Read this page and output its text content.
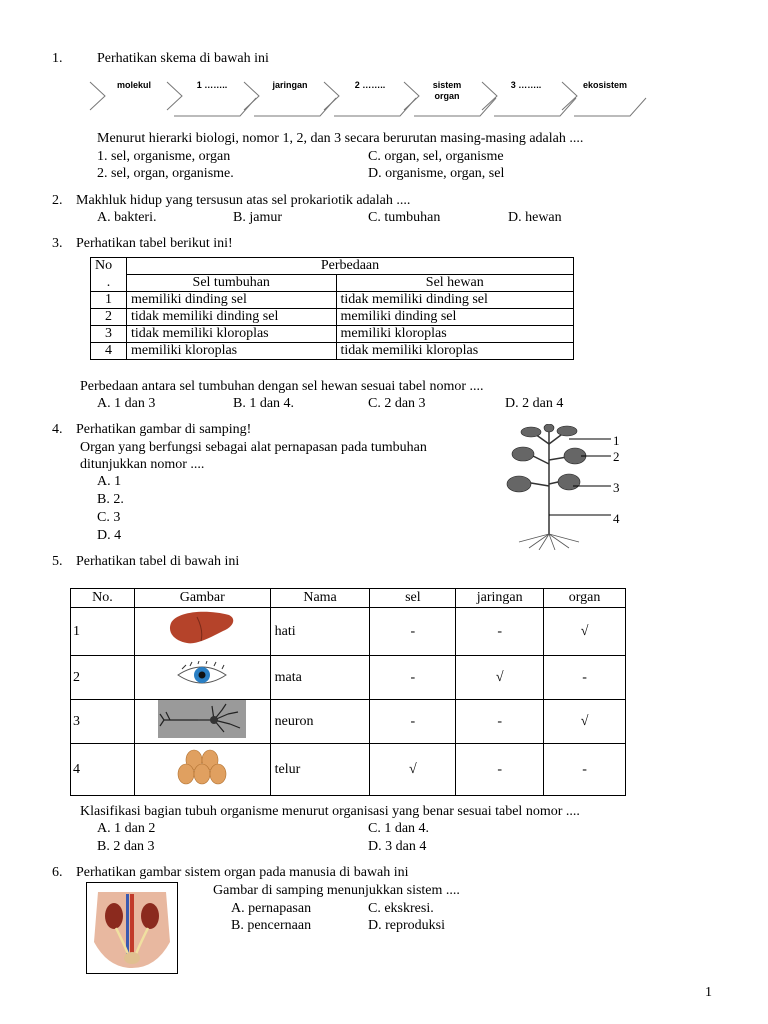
1. Perhatikan skema di bawah ini
molekul	1 ……..	jaringan	2 ……..	sistem organ
3 ……..	ekosistem
Menurut hierarki biologi, nomor 1, 2, dan 3 secara berurutan masing-masing adalah ....
1. sel, organisme, organ
2. sel, organ, organisme.
C. organ, sel, organisme
D. organisme, organ, sel
2. Makhluk hidup yang tersusun atas sel prokariotik adalah ....
A. bakteri.	B. jamur	C. tumbuhan	D. hewan
3. Perhatikan tabel berikut ini!
No	Perbedaan	
.	Sel tumbuhan	Sel hewan
1	memiliki dinding sel	tidak memiliki dinding sel
2	tidak memiliki dinding sel	memiliki dinding sel
3	tidak memiliki kloroplas	memiliki kloroplas
4	memiliki kloroplas	tidak memiliki kloroplas
Perbedaan antara sel tumbuhan dengan sel hewan sesuai tabel nomor ....
A. 1 dan 3	B. 1 dan 4.	C. 2 dan 3	D. 2 dan 4
4. Perhatikan gambar di samping!
Organ yang berfungsi sebagai alat pernapasan pada tumbuhan
ditunjukkan nomor ....
A. 1
B. 2.
C. 3
D. 4
1
2
3
4
5. Perhatikan tabel di bawah ini
No.	Gambar	Nama	sel	jaringan	organ
1		hati	-	-	√
2		mata	-	√	-
3		neuron	-	-	√
4		telur	√	-	-
Klasifikasi bagian tubuh organisme menurut organisasi yang benar sesuai tabel nomor ....
A. 1 dan 2
B. 2 dan 3
C. 1 dan 4.
D. 3 dan 4
6. Perhatikan gambar sistem organ pada manusia di bawah ini
Gambar di samping menunjukkan sistem ....
A. pernapasan
B. pencernaan
C. ekskresi.
D. reproduksi
1
